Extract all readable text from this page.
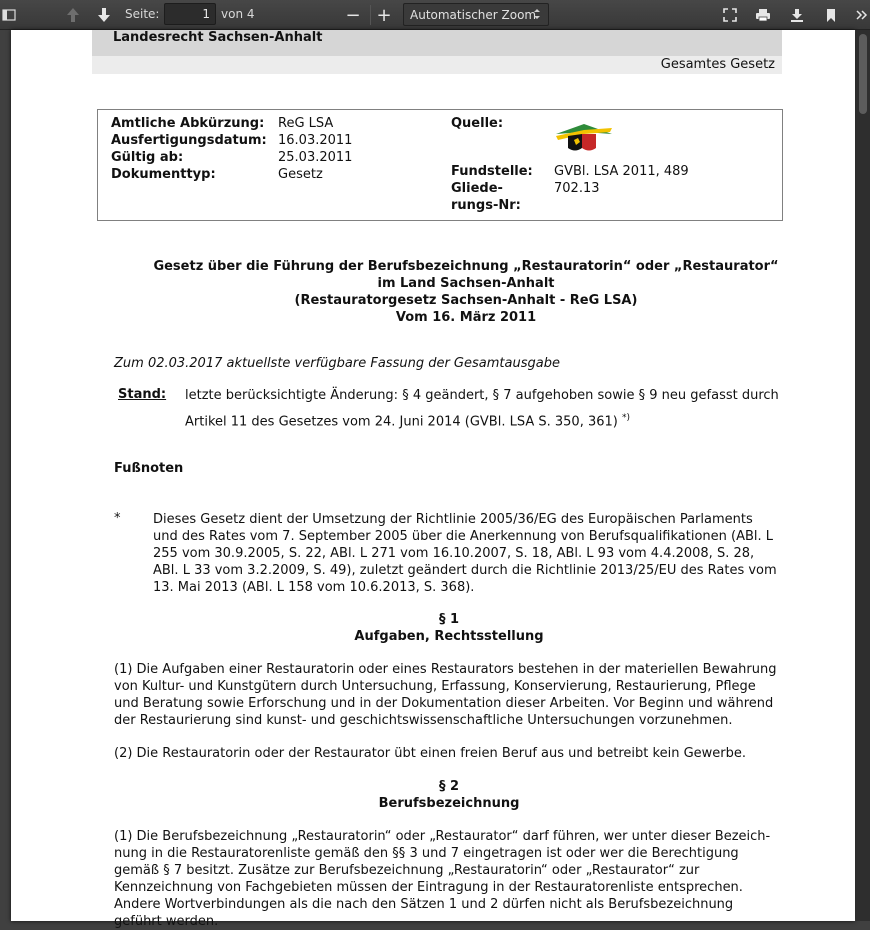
Seite:
1	von 4	− +	Automatischer Zoom
Landesrecht Sachsen-Anhalt
Gesamtes Gesetz
Amtliche Abkürzung: ReG LSA
Ausfertigungsdatum: 16.03.2011
Gültig ab:	25.03.2011
Dokumenttyp:	Gesetz
Quelle:
Fundstelle: GVBl. LSA 2011, 489
Gliede-
rungs-Nr:
702.13
Gesetz über die Führung der Berufsbezeichnung „Restauratorin“ oder „Restaurator“
im Land Sachsen-Anhalt
(Restauratorgesetz Sachsen-Anhalt - ReG LSA)
Vom 16. März 2011
Zum 02.03.2017 aktuellste verfügbare Fassung der Gesamtausgabe
Stand: letzte berücksichtigte Änderung: § 4 geändert, § 7 aufgehoben sowie § 9 neu gefasst durch Artikel 11 des Gesetzes vom 24. Juni 2014 (GVBl. LSA S. 350, 361) *)
Fußnoten
*	Dieses Gesetz dient der Umsetzung der Richtlinie 2005/36/EG des Europäischen Parlaments und des Rates vom 7. September 2005 über die Anerkennung von Berufsqualifikationen (ABl. L 255 vom 30.9.2005, S. 22, ABl. L 271 vom 16.10.2007, S. 18, ABl. L 93 vom 4.4.2008, S. 28, ABl. L 33 vom 3.2.2009, S. 49), zuletzt geändert durch die Richtlinie 2013/25/EU des Rates vom 13. Mai 2013 (ABl. L 158 vom 10.6.2013, S. 368).
§ 1
Aufgaben, Rechtsstellung
(1) Die Aufgaben einer Restauratorin oder eines Restaurators bestehen in der materiellen Bewahrung von Kultur- und Kunstgütern durch Untersuchung, Erfassung, Konservierung, Restaurierung, Pflege und Beratung sowie Erforschung und in der Dokumentation dieser Arbeiten. Vor Beginn und während der Restaurierung sind kunst- und geschichtswissenschaftliche Untersuchungen vorzunehmen.
(2) Die Restauratorin oder der Restaurator übt einen freien Beruf aus und betreibt kein Gewerbe.
§ 2
Berufsbezeichnung
(1) Die Berufsbezeichnung „Restauratorin“ oder „Restaurator“ darf führen, wer unter dieser Bezeich-nung in die Restauratorenliste gemäß den §§ 3 und 7 eingetragen ist oder wer die Berechtigung gemäß § 7 besitzt. Zusätze zur Berufsbezeichnung „Restauratorin“ oder „Restaurator“ zur Kennzeichnung von Fachgebieten müssen der Eintragung in der Restauratorenliste entsprechen. Andere Wortverbindungen als die nach den Sätzen 1 und 2 dürfen nicht als Berufsbezeichnung geführt werden.
